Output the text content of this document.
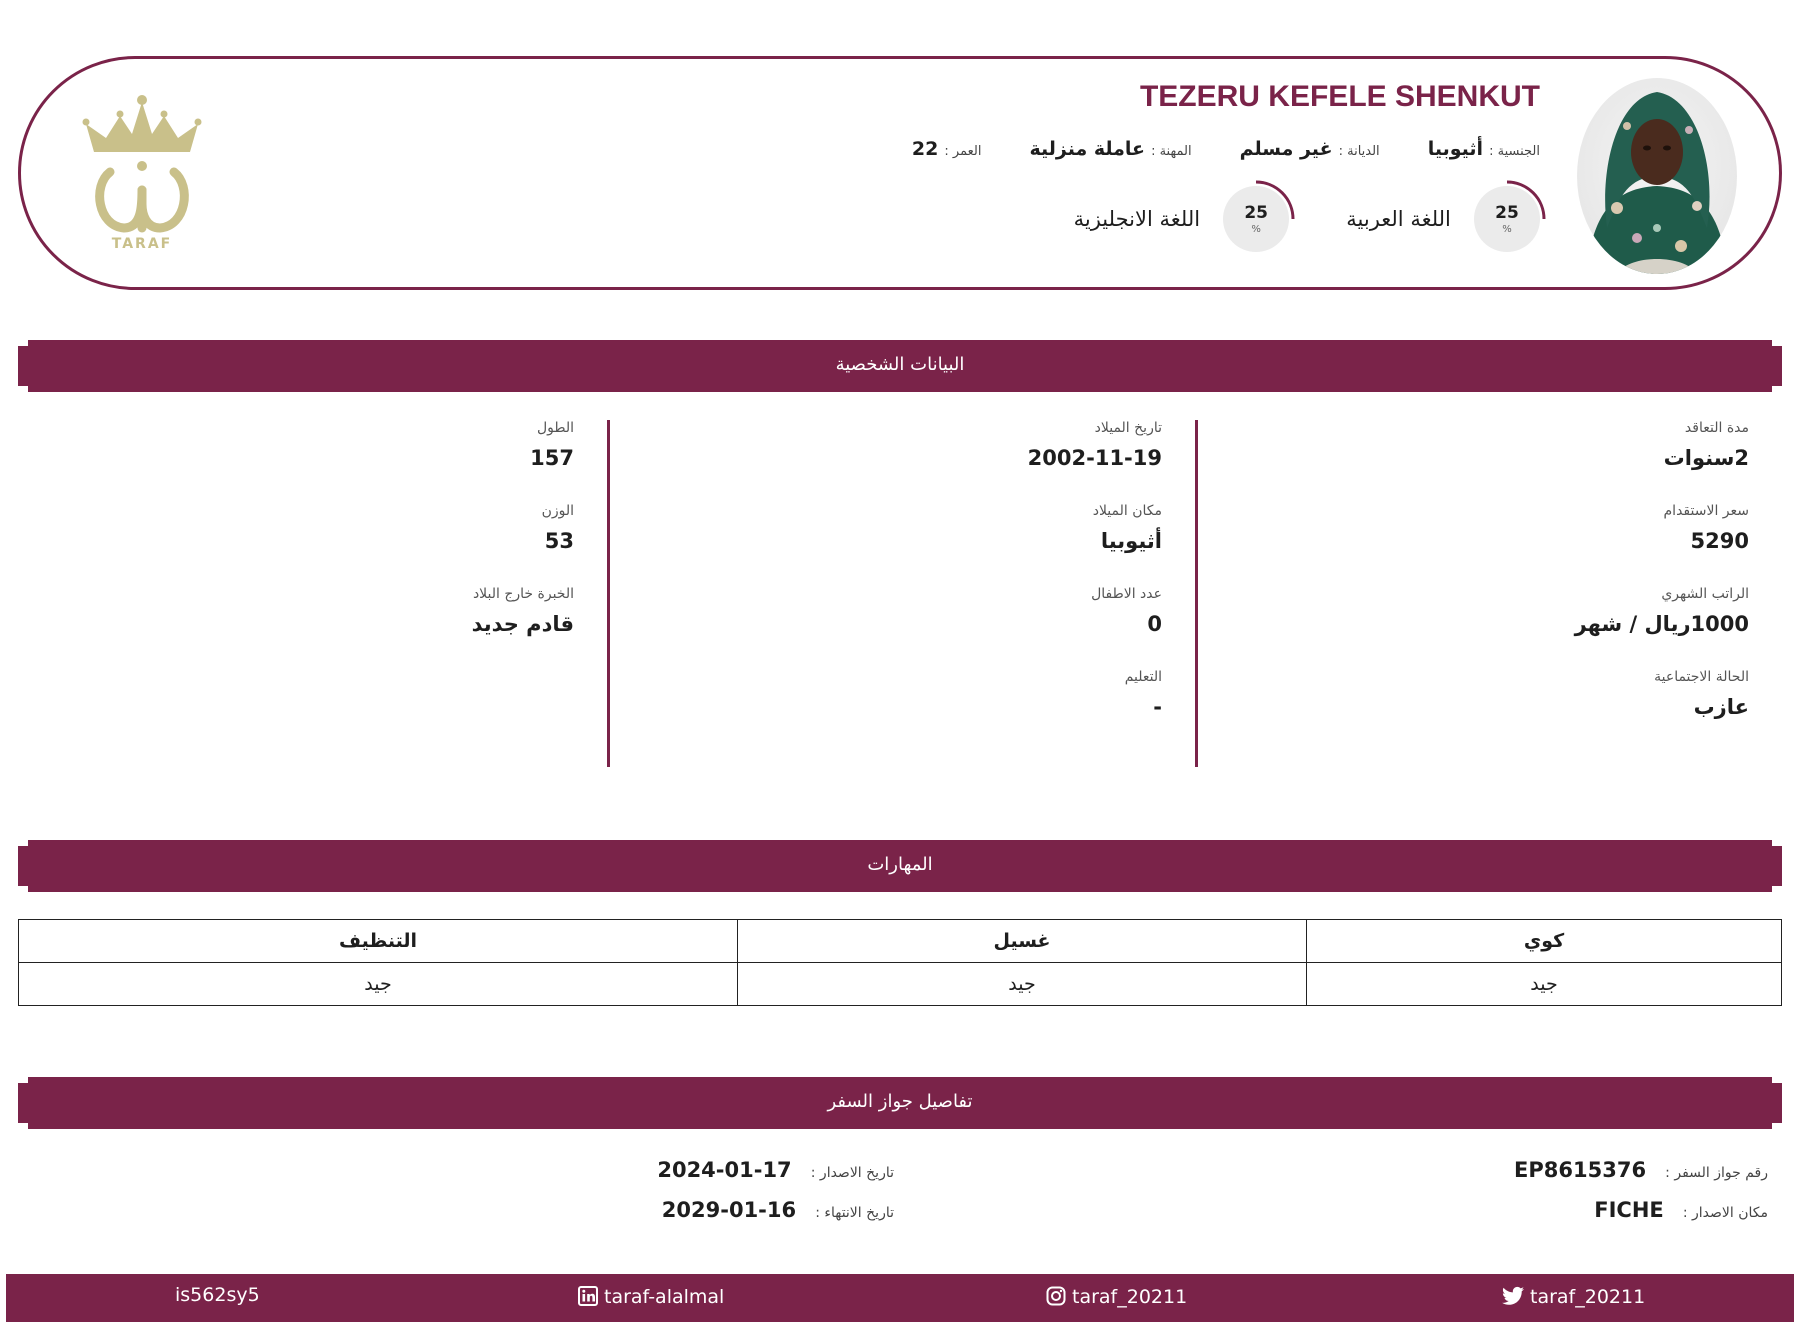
TEZERU KEFELE SHENKUT
الجنسية : أثيوبيا الديانة : غير مسلم المهنة : عاملة منزلية العمر : 22
25
%
اللغة العربية
25
%
اللغة الانجليزية
TARAF
البيانات الشخصية
مدة التعاقد
2سنوات
سعر الاستقدام
5290
الراتب الشهري
1000ريال / شهر
الحالة الاجتماعية
عازب
تاريخ الميلاد
2002-11-19
مكان الميلاد
أثيوبيا
عدد الاطفال
0
التعليم
-
الطول
157
الوزن
53
الخبرة خارج البلاد
قادم جديد
المهارات
كوي	غسيل	التنظيف
جيد	جيد	جيد
تفاصيل جواز السفر
رقم جواز السفر : EP8615376
مكان الاصدار : FICHE
تاريخ الاصدار : 2024-01-17
تاريخ الانتهاء : 2029-01-16
taraf_20211
taraf_20211
taraf-alalmal
is562sy5
